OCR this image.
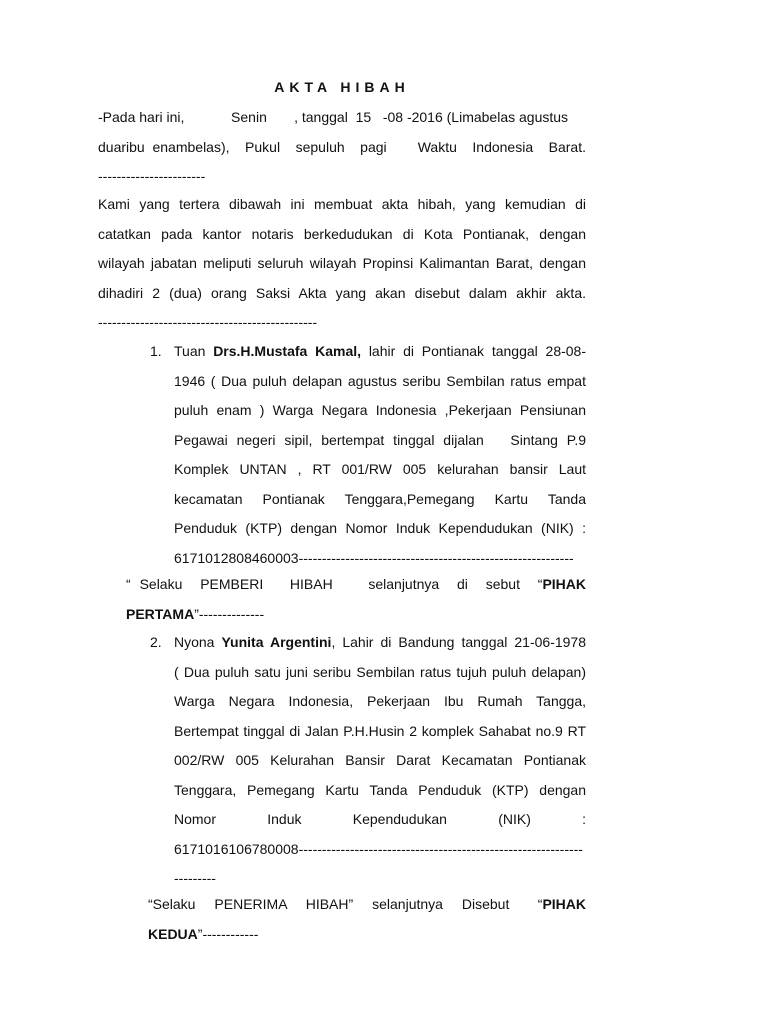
AKTA HIBAH
-Pada hari ini,            Senin       , tanggal  15   -08 -2016 (Limabelas agustus
duaribu enambelas),  Pukul  sepuluh  pagi    Waktu  Indonesia  Barat.
-----------------------
Kami yang tertera dibawah ini membuat akta hibah, yang kemudian di
catatkan pada kantor notaris berkedudukan di Kota Pontianak, dengan
wilayah jabatan meliputi seluruh wilayah Propinsi Kalimantan Barat, dengan
dihadiri 2 (dua) orang Saksi Akta yang akan disebut dalam akhir akta.
-----------------------------------------------
1. Tuan Drs.H.Mustafa Kamal, lahir di Pontianak tanggal 28-08-
1946 ( Dua puluh delapan agustus seribu Sembilan ratus empat
puluh enam ) Warga Negara Indonesia ,Pekerjaan Pensiunan
Pegawai negeri sipil, bertempat tinggal dijalan   Sintang P.9
Komplek UNTAN , RT 001/RW 005 kelurahan bansir Laut
kecamatan Pontianak Tenggara,Pemegang Kartu Tanda
Penduduk (KTP) dengan Nomor Induk Kependudukan (NIK) :
6171012808460003-----------------------------------------------------------
“ Selaku  PEMBERI   HIBAH    selanjutnya  di  sebut  “PIHAK
PERTAMA”--------------
2. Nyona Yunita Argentini, Lahir di Bandung tanggal 21-06-1978
( Dua puluh satu juni seribu Sembilan ratus tujuh puluh delapan)
Warga Negara Indonesia, Pekerjaan Ibu Rumah Tangga,
Bertempat tinggal di Jalan P.H.Husin 2 komplek Sahabat no.9 RT
002/RW 005 Kelurahan Bansir Darat Kecamatan Pontianak
Tenggara, Pemegang Kartu Tanda Penduduk (KTP) dengan
Nomor        Induk        Kependudukan        (NIK)        :
6171016106780008-------------------------------------------------------------
---------
“Selaku  PENERIMA  HIBAH”  selanjutnya  Disebut   “PIHAK
KEDUA”------------
